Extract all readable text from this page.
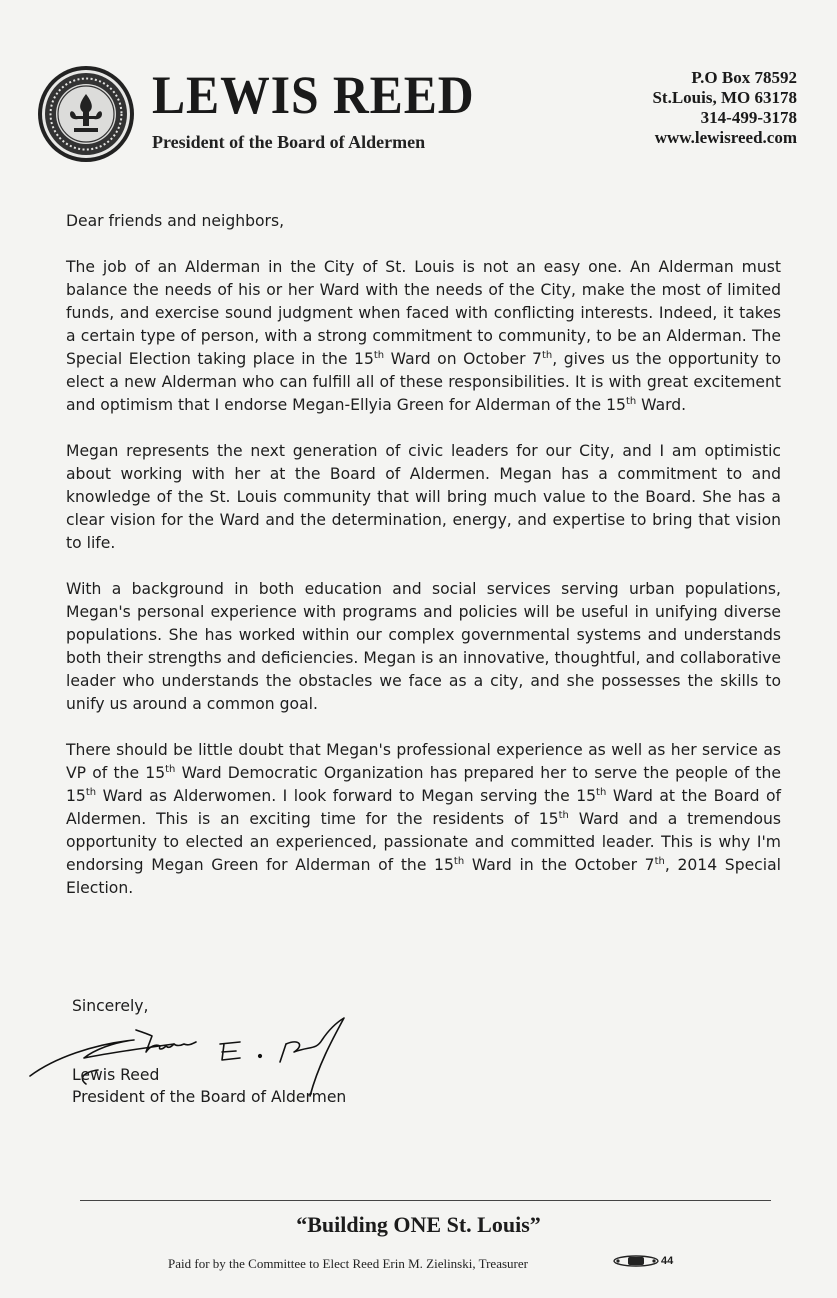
LEWIS REED
President of the Board of Aldermen
P.O Box 78592
St.Louis, MO 63178
314-499-3178
www.lewisreed.com

Dear friends and neighbors,

The job of an Alderman in the City of St. Louis is not an easy one. An Alderman must balance the needs of his or her Ward with the needs of the City, make the most of limited funds, and exercise sound judgment when faced with conflicting interests. Indeed, it takes a certain type of person, with a strong commitment to community, to be an Alderman. The Special Election taking place in the 15th Ward on October 7th, gives us the opportunity to elect a new Alderman who can fulfill all of these responsibilities. It is with great excitement and optimism that I endorse Megan-Ellyia Green for Alderman of the 15th Ward.

Megan represents the next generation of civic leaders for our City, and I am optimistic about working with her at the Board of Aldermen. Megan has a commitment to and knowledge of the St. Louis community that will bring much value to the Board. She has a clear vision for the Ward and the determination, energy, and expertise to bring that vision to life.

With a background in both education and social services serving urban populations, Megan's personal experience with programs and policies will be useful in unifying diverse populations. She has worked within our complex governmental systems and understands both their strengths and deficiencies. Megan is an innovative, thoughtful, and collaborative leader who understands the obstacles we face as a city, and she possesses the skills to unify us around a common goal.

There should be little doubt that Megan's professional experience as well as her service as VP of the 15th Ward Democratic Organization has prepared her to serve the people of the 15th Ward as Alderwomen. I look forward to Megan serving the 15th Ward at the Board of Aldermen. This is an exciting time for the residents of 15th Ward and a tremendous opportunity to elected an experienced, passionate and committed leader. This is why I'm endorsing Megan Green for Alderman of the 15th Ward in the October 7th, 2014 Special Election.

Sincerely,
Lewis Reed
President of the Board of Aldermen
“Building ONE St. Louis”
Paid for by the Committee to Elect Reed Erin M. Zielinski, Treasurer	44
